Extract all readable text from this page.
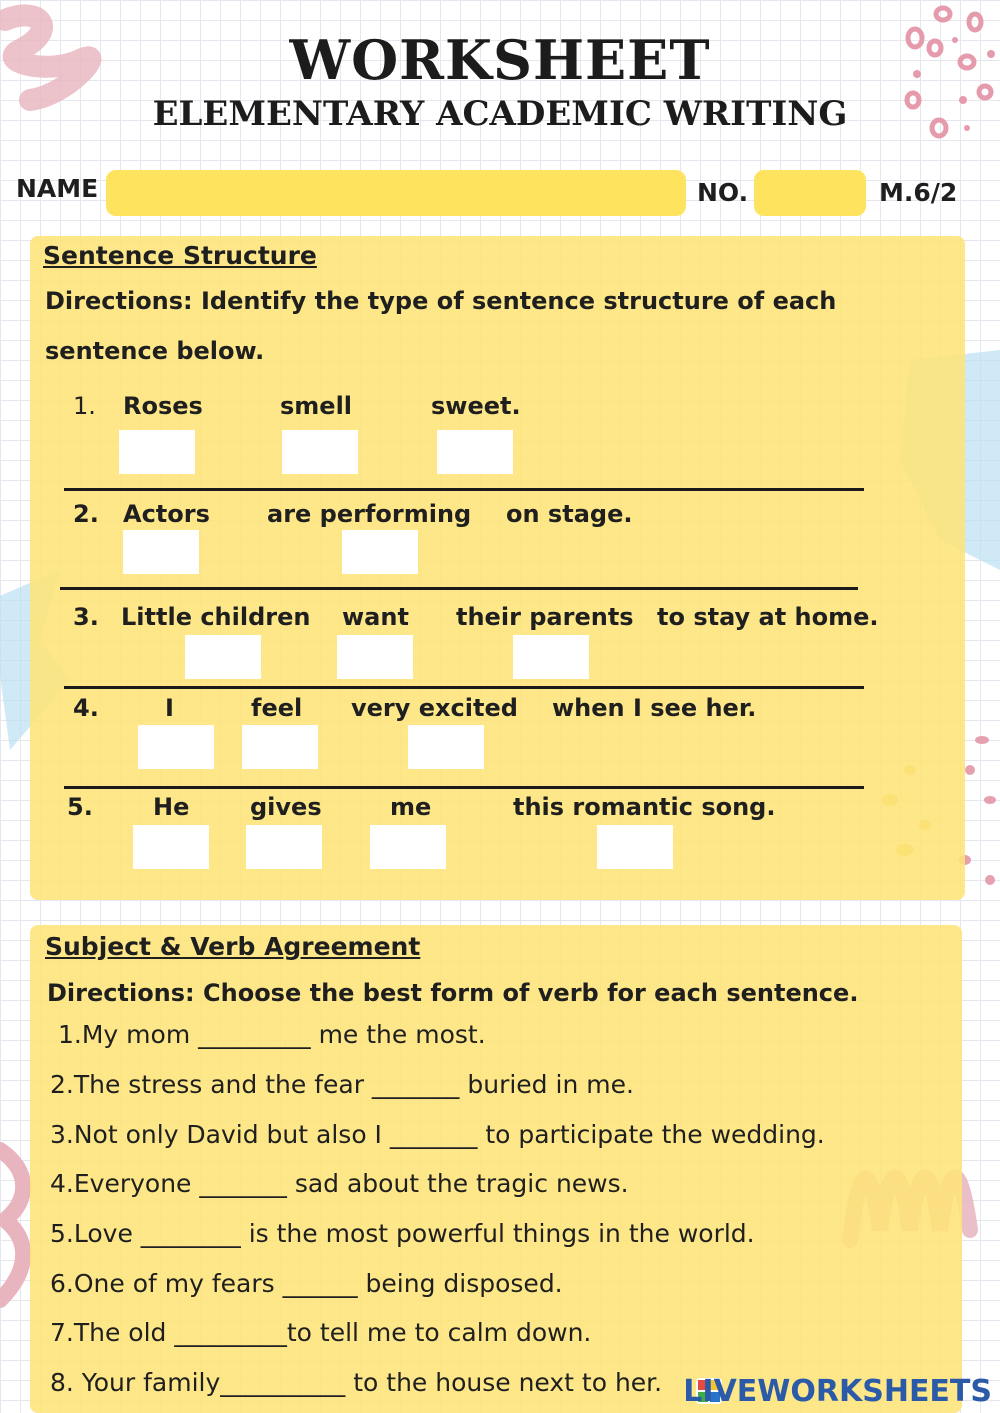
WORKSHEET
ELEMENTARY ACADEMIC WRITING
NAME	NO.	M.6/2
Sentence Structure
Directions: Identify the type of sentence structure of each
sentence below.
1. Roses	smell	sweet.
2. Actors are performing on stage.
3. Little children want their parents to stay at home.
4.	I	feel very excited when I see her.
5.	He	gives	me	this romantic song.
Subject & Verb Agreement
Directions: Choose the best form of verb for each sentence.
1.My mom _________ me the most.
2.The stress and the fear _______ buried in me.
3.Not only David but also I _______ to participate the wedding.
4.Everyone _______ sad about the tragic news.
5.Love ________ is the most powerful things in the world.
6.One of my fears ______ being disposed.
7.The old _________to tell me to calm down.
8. Your family__________ to the house next to her. LIVEWORKSHEETS
